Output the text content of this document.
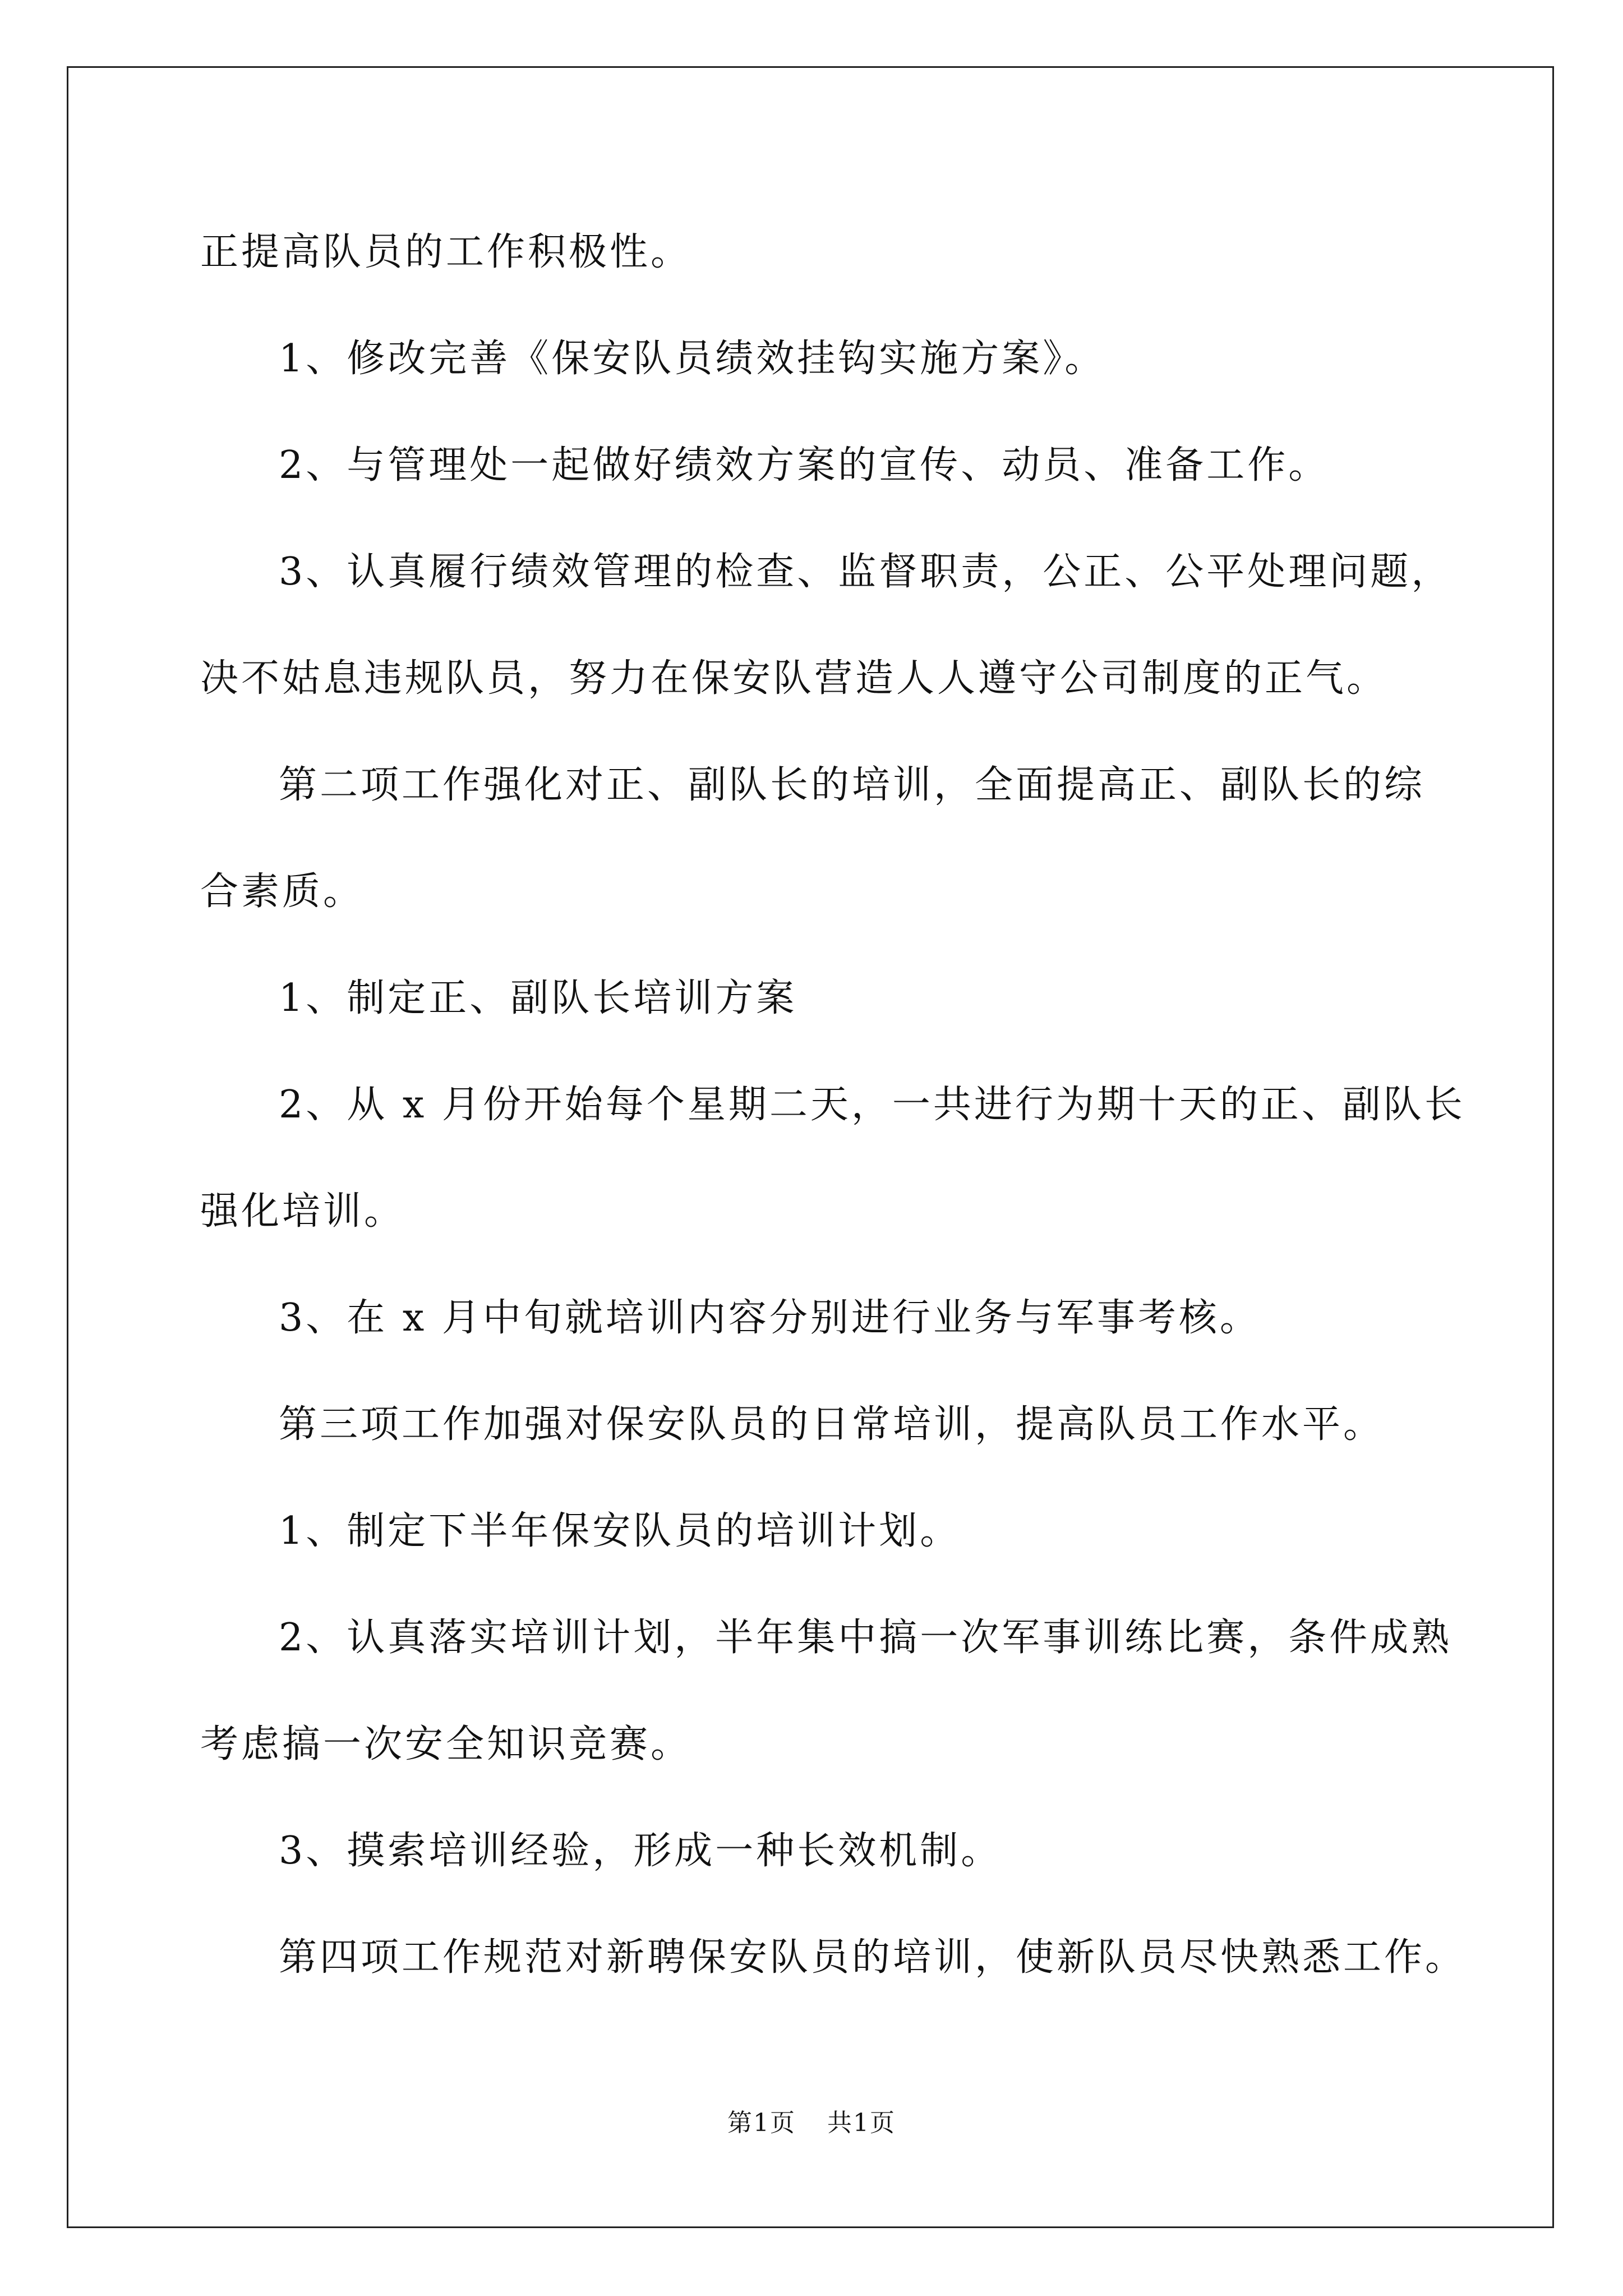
正提高队员的工作积极性。
1、修改完善《保安队员绩效挂钩实施方案》。
2、与管理处一起做好绩效方案的宣传、动员、准备工作。
3、认真履行绩效管理的检查、监督职责，公正、公平处理问题，
决不姑息违规队员，努力在保安队营造人人遵守公司制度的正气。
第二项工作强化对正、副队长的培训，全面提高正、副队长的综
合素质。
1、制定正、副队长培训方案
2、从 x 月份开始每个星期二天，一共进行为期十天的正、副队长
强化培训。
3、在 x 月中旬就培训内容分别进行业务与军事考核。
第三项工作加强对保安队员的日常培训，提高队员工作水平。
1、制定下半年保安队员的培训计划。
2、认真落实培训计划，半年集中搞一次军事训练比赛，条件成熟
考虑搞一次安全知识竞赛。
3、摸索培训经验，形成一种长效机制。
第四项工作规范对新聘保安队员的培训，使新队员尽快熟悉工作。
第1页 共1页
